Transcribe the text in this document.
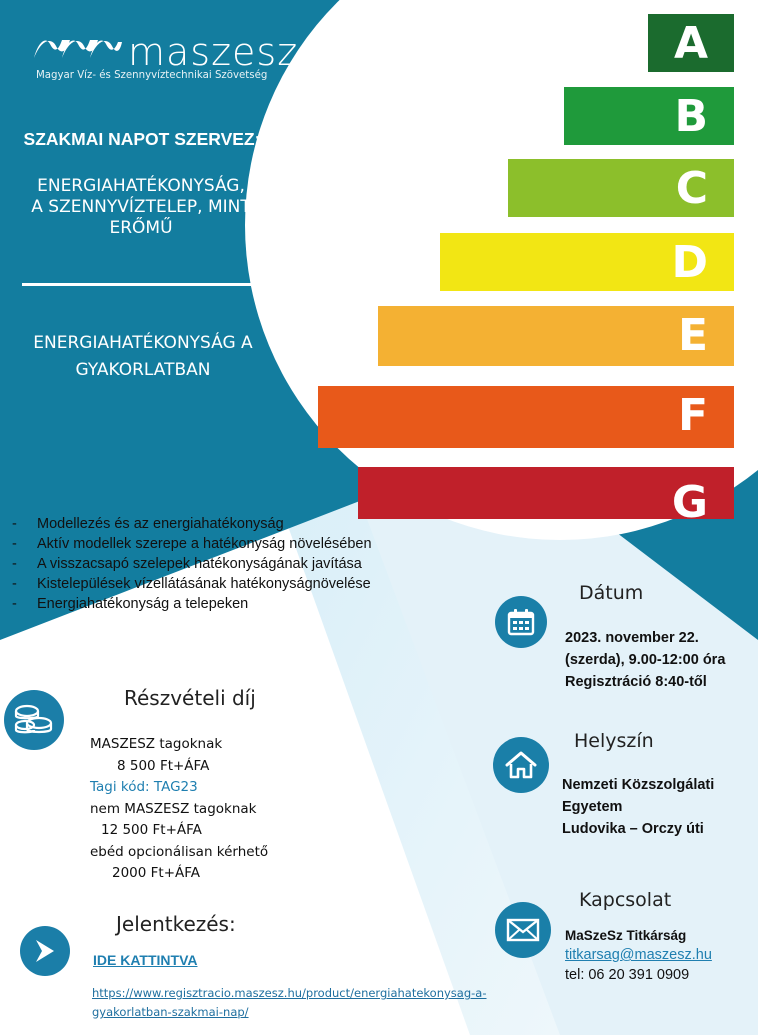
maszesz
Magyar Víz- és Szennyvíztechnikai Szövetség
SZAKMAI NAPOT SZERVEZ:
ENERGIAHATÉKONYSÁG,
A SZENNYVÍZTELEP, MINT
ERŐMŰ
ENERGIAHATÉKONYSÁG A
GYAKORLATBAN
A
B
C
D
E
F
G
- Modellezés és az energiahatékonyság
- Aktív modellek szerepe a hatékonyság növelésében
- A visszacsapó szelepek hatékonyságának javítása
- Kistelepülések vízellátásának hatékonyságnövelése
- Energiahatékonyság a telepeken	Dátum
2023. november 22.
(szerda), 9.00-12:00 óra
Regisztráció 8:40-től
Helyszín
Nemzeti Közszolgálati
Egyetem
Ludovika – Orczy úti
Kapcsolat
MaSzeSz Titkárság
titkarsag@maszesz.hu
tel: 06 20 391 0909
Részvételi díj
MASZESZ tagoknak
8 500 Ft+ÁFA
Tagi kód: TAG23
nem MASZESZ tagoknak
12 500 Ft+ÁFA
ebéd opcionálisan kérhető
2000 Ft+ÁFA
Jelentkezés:
IDE KATTINTVA
https://www.regisztracio.maszesz.hu/product/energiahatekonysag-a-
gyakorlatban-szakmai-nap/
